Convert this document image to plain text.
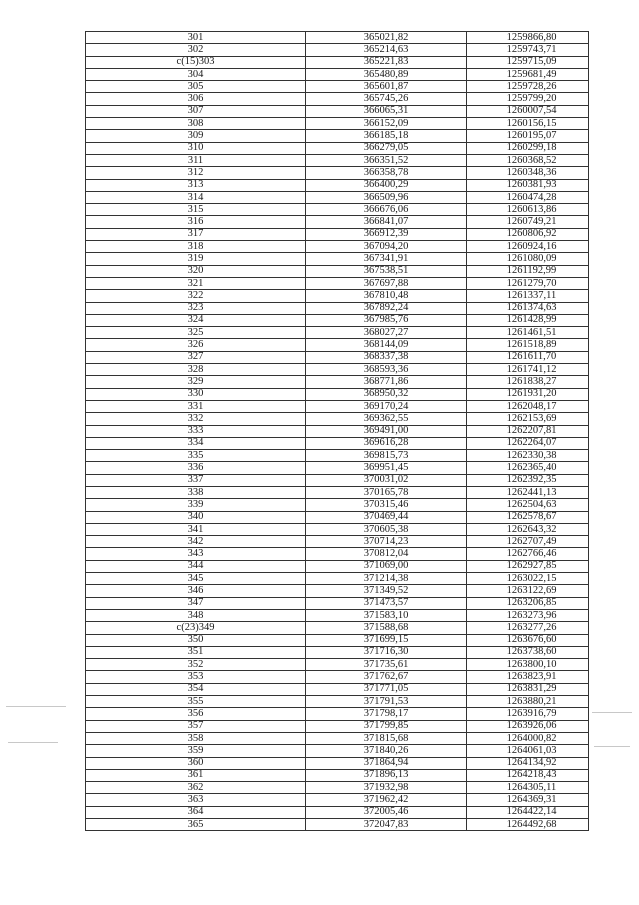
301	365021,82	1259866,80
302	365214,63	1259743,71
с(15)303	365221,83	1259715,09
304	365480,89	1259681,49
305	365601,87	1259728,26
306	365745,26	1259799,20
307	366065,31	1260007,54
308	366152,09	1260156,15
309	366185,18	1260195,07
310	366279,05	1260299,18
311	366351,52	1260368,52
312	366358,78	1260348,36
313	366400,29	1260381,93
314	366509,96	1260474,28
315	366676,06	1260613,86
316	366841,07	1260749,21
317	366912,39	1260806,92
318	367094,20	1260924,16
319	367341,91	1261080,09
320	367538,51	1261192,99
321	367697,88	1261279,70
322	367810,48	1261337,11
323	367892,24	1261374,63
324	367985,76	1261428,99
325	368027,27	1261461,51
326	368144,09	1261518,89
327	368337,38	1261611,70
328	368593,36	1261741,12
329	368771,86	1261838,27
330	368950,32	1261931,20
331	369170,24	1262048,17
332	369362,55	1262153,69
333	369491,00	1262207,81
334	369616,28	1262264,07
335	369815,73	1262330,38
336	369951,45	1262365,40
337	370031,02	1262392,35
338	370165,78	1262441,13
339	370315,46	1262504,63
340	370469,44	1262578,67
341	370605,38	1262643,32
342	370714,23	1262707,49
343	370812,04	1262766,46
344	371069,00	1262927,85
345	371214,38	1263022,15
346	371349,52	1263122,69
347	371473,57	1263206,85
348	371583,10	1263273,96
с(23)349	371588,68	1263277,26
350	371699,15	1263676,60
351	371716,30	1263738,60
352	371735,61	1263800,10
353	371762,67	1263823,91
354	371771,05	1263831,29
355	371791,53	1263880,21
356	371798,17	1263916,79
357	371799,85	1263926,06
358	371815,68	1264000,82
359	371840,26	1264061,03
360	371864,94	1264134,92
361	371896,13	1264218,43
362	371932,98	1264305,11
363	371962,42	1264369,31
364	372005,46	1264422,14
365	372047,83	1264492,68
